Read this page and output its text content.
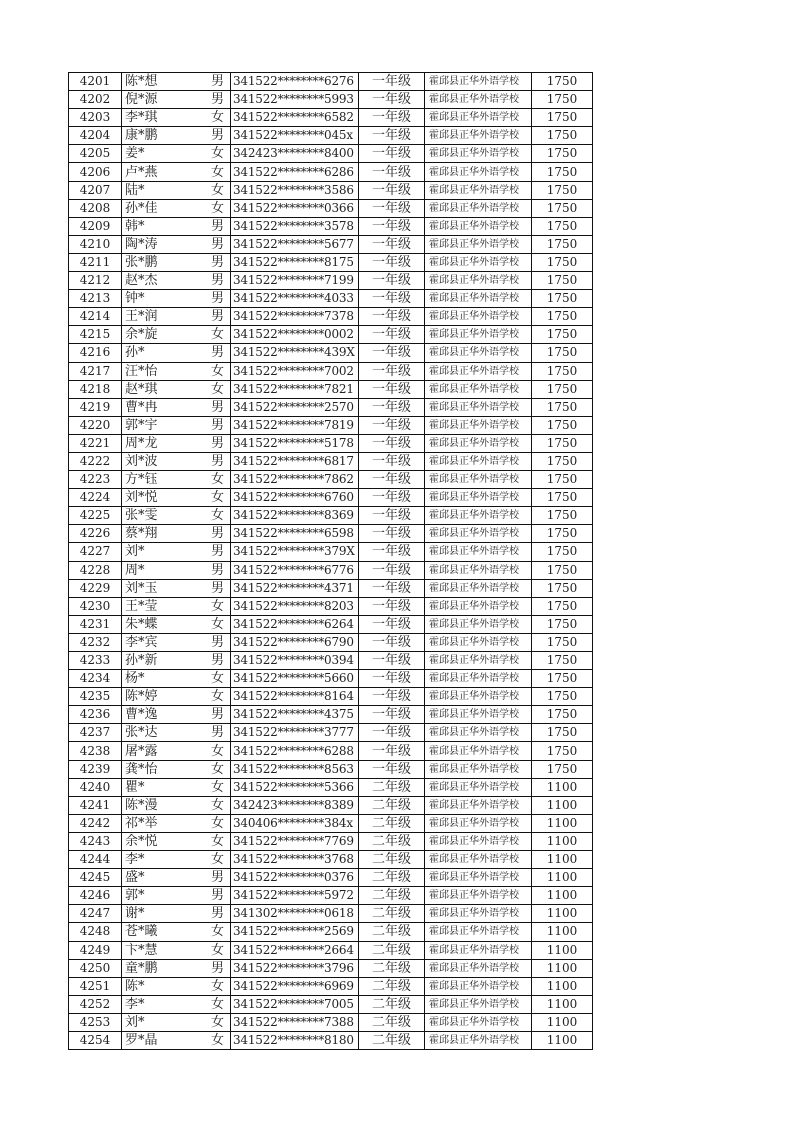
4201	陈*想	男	341522********6276	一年级	霍邱县正华外语学校	1750
4202	倪*源	男	341522********5993	一年级	霍邱县正华外语学校	1750
4203	李*琪	女	341522********6582	一年级	霍邱县正华外语学校	1750
4204	康*鹏	男	341522********045x	一年级	霍邱县正华外语学校	1750
4205	姜*	女	342423********8400	一年级	霍邱县正华外语学校	1750
4206	卢*燕	女	341522********6286	一年级	霍邱县正华外语学校	1750
4207	陆*	女	341522********3586	一年级	霍邱县正华外语学校	1750
4208	孙*佳	女	341522********0366	一年级	霍邱县正华外语学校	1750
4209	韩*	男	341522********3578	一年级	霍邱县正华外语学校	1750
4210	陶*涛	男	341522********5677	一年级	霍邱县正华外语学校	1750
4211	张*鹏	男	341522********8175	一年级	霍邱县正华外语学校	1750
4212	赵*杰	男	341522********7199	一年级	霍邱县正华外语学校	1750
4213	钟*	男	341522********4033	一年级	霍邱县正华外语学校	1750
4214	王*润	男	341522********7378	一年级	霍邱县正华外语学校	1750
4215	余*旋	女	341522********0002	一年级	霍邱县正华外语学校	1750
4216	孙*	男	341522********439X	一年级	霍邱县正华外语学校	1750
4217	汪*怡	女	341522********7002	一年级	霍邱县正华外语学校	1750
4218	赵*琪	女	341522********7821	一年级	霍邱县正华外语学校	1750
4219	曹*冉	男	341522********2570	一年级	霍邱县正华外语学校	1750
4220	郭*宇	男	341522********7819	一年级	霍邱县正华外语学校	1750
4221	周*龙	男	341522********5178	一年级	霍邱县正华外语学校	1750
4222	刘*波	男	341522********6817	一年级	霍邱县正华外语学校	1750
4223	方*钰	女	341522********7862	一年级	霍邱县正华外语学校	1750
4224	刘*悦	女	341522********6760	一年级	霍邱县正华外语学校	1750
4225	张*雯	女	341522********8369	一年级	霍邱县正华外语学校	1750
4226	蔡*翔	男	341522********6598	一年级	霍邱县正华外语学校	1750
4227	刘*	男	341522********379X	一年级	霍邱县正华外语学校	1750
4228	周*	男	341522********6776	一年级	霍邱县正华外语学校	1750
4229	刘*玉	男	341522********4371	一年级	霍邱县正华外语学校	1750
4230	王*莹	女	341522********8203	一年级	霍邱县正华外语学校	1750
4231	朱*蝶	女	341522********6264	一年级	霍邱县正华外语学校	1750
4232	李*宾	男	341522********6790	一年级	霍邱县正华外语学校	1750
4233	孙*新	男	341522********0394	一年级	霍邱县正华外语学校	1750
4234	杨*	女	341522********5660	一年级	霍邱县正华外语学校	1750
4235	陈*婷	女	341522********8164	一年级	霍邱县正华外语学校	1750
4236	曹*逸	男	341522********4375	一年级	霍邱县正华外语学校	1750
4237	张*达	男	341522********3777	一年级	霍邱县正华外语学校	1750
4238	屠*露	女	341522********6288	一年级	霍邱县正华外语学校	1750
4239	龚*怡	女	341522********8563	一年级	霍邱县正华外语学校	1750
4240	瞿*	女	341522********5366	二年级	霍邱县正华外语学校	1100
4241	陈*漫	女	342423********8389	二年级	霍邱县正华外语学校	1100
4242	祁*举	女	340406********384x	二年级	霍邱县正华外语学校	1100
4243	余*悦	女	341522********7769	二年级	霍邱县正华外语学校	1100
4244	李*	女	341522********3768	二年级	霍邱县正华外语学校	1100
4245	盛*	男	341522********0376	二年级	霍邱县正华外语学校	1100
4246	郭*	男	341522********5972	二年级	霍邱县正华外语学校	1100
4247	谢*	男	341302********0618	二年级	霍邱县正华外语学校	1100
4248	苍*曦	女	341522********2569	二年级	霍邱县正华外语学校	1100
4249	卞*慧	女	341522********2664	二年级	霍邱县正华外语学校	1100
4250	童*鹏	男	341522********3796	二年级	霍邱县正华外语学校	1100
4251	陈*	女	341522********6969	二年级	霍邱县正华外语学校	1100
4252	李*	女	341522********7005	二年级	霍邱县正华外语学校	1100
4253	刘*	女	341522********7388	二年级	霍邱县正华外语学校	1100
4254	罗*晶	女	341522********8180	二年级	霍邱县正华外语学校	1100
